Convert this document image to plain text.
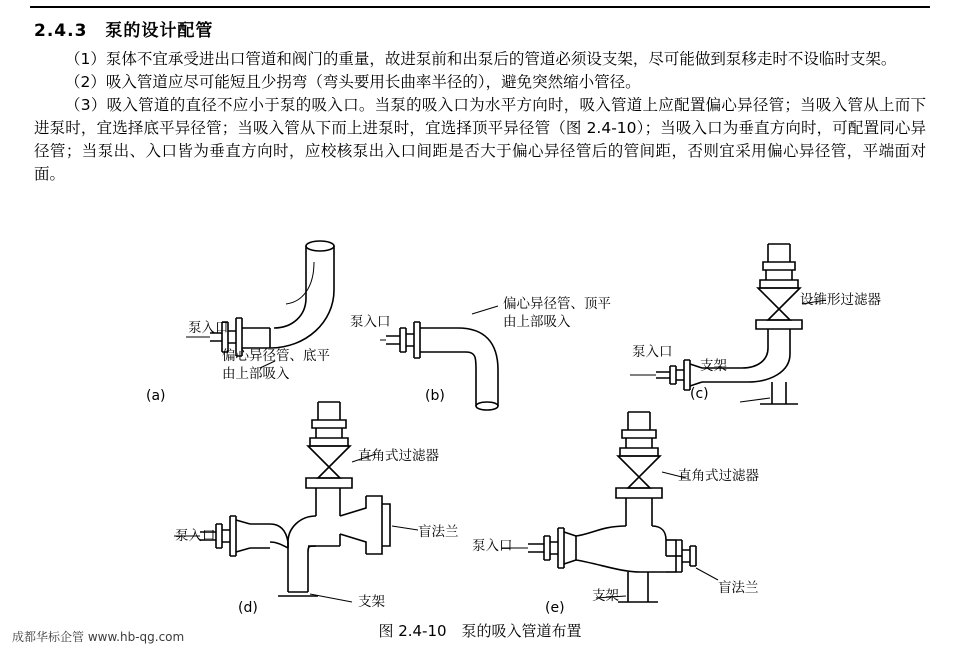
2.4.3 泵的设计配管

（1）泵体不宜承受进出口管道和阀门的重量，故进泵前和出泵后的管道必须设支架，尽可能做到泵移走时不设临时支架。

（2）吸入管道应尽可能短且少拐弯（弯头要用长曲率半径的），避免突然缩小管径。

（3）吸入管道的直径不应小于泵的吸入口。当泵的吸入口为水平方向时，吸入管道上应配置偏心异径管；当吸入管从上而下进泵时，宜选择底平异径管；当吸入管从下而上进泵时，宜选择顶平异径管（图 2.4-10）；当吸入口为垂直方向时，可配置同心异径管；当泵出、入口皆为垂直方向时，应校核泵出入口间距是否大于偏心异径管后的管间距，否则宜采用偏心异径管，平端面对面。

泵入口
偏心异径管、底平
由上部吸入
(a)
泵入口
偏心异径管、顶平
由上部吸入
(b)
泵入口
设锥形过滤器
支架
(c)
直角式过滤器
泵入口	盲法兰
支架
(d)
直角式过滤器
泵入口
盲法兰
支架
(e)
图 2.4-10　泵的吸入管道布置
成都华标企管 www.hb-qg.com
